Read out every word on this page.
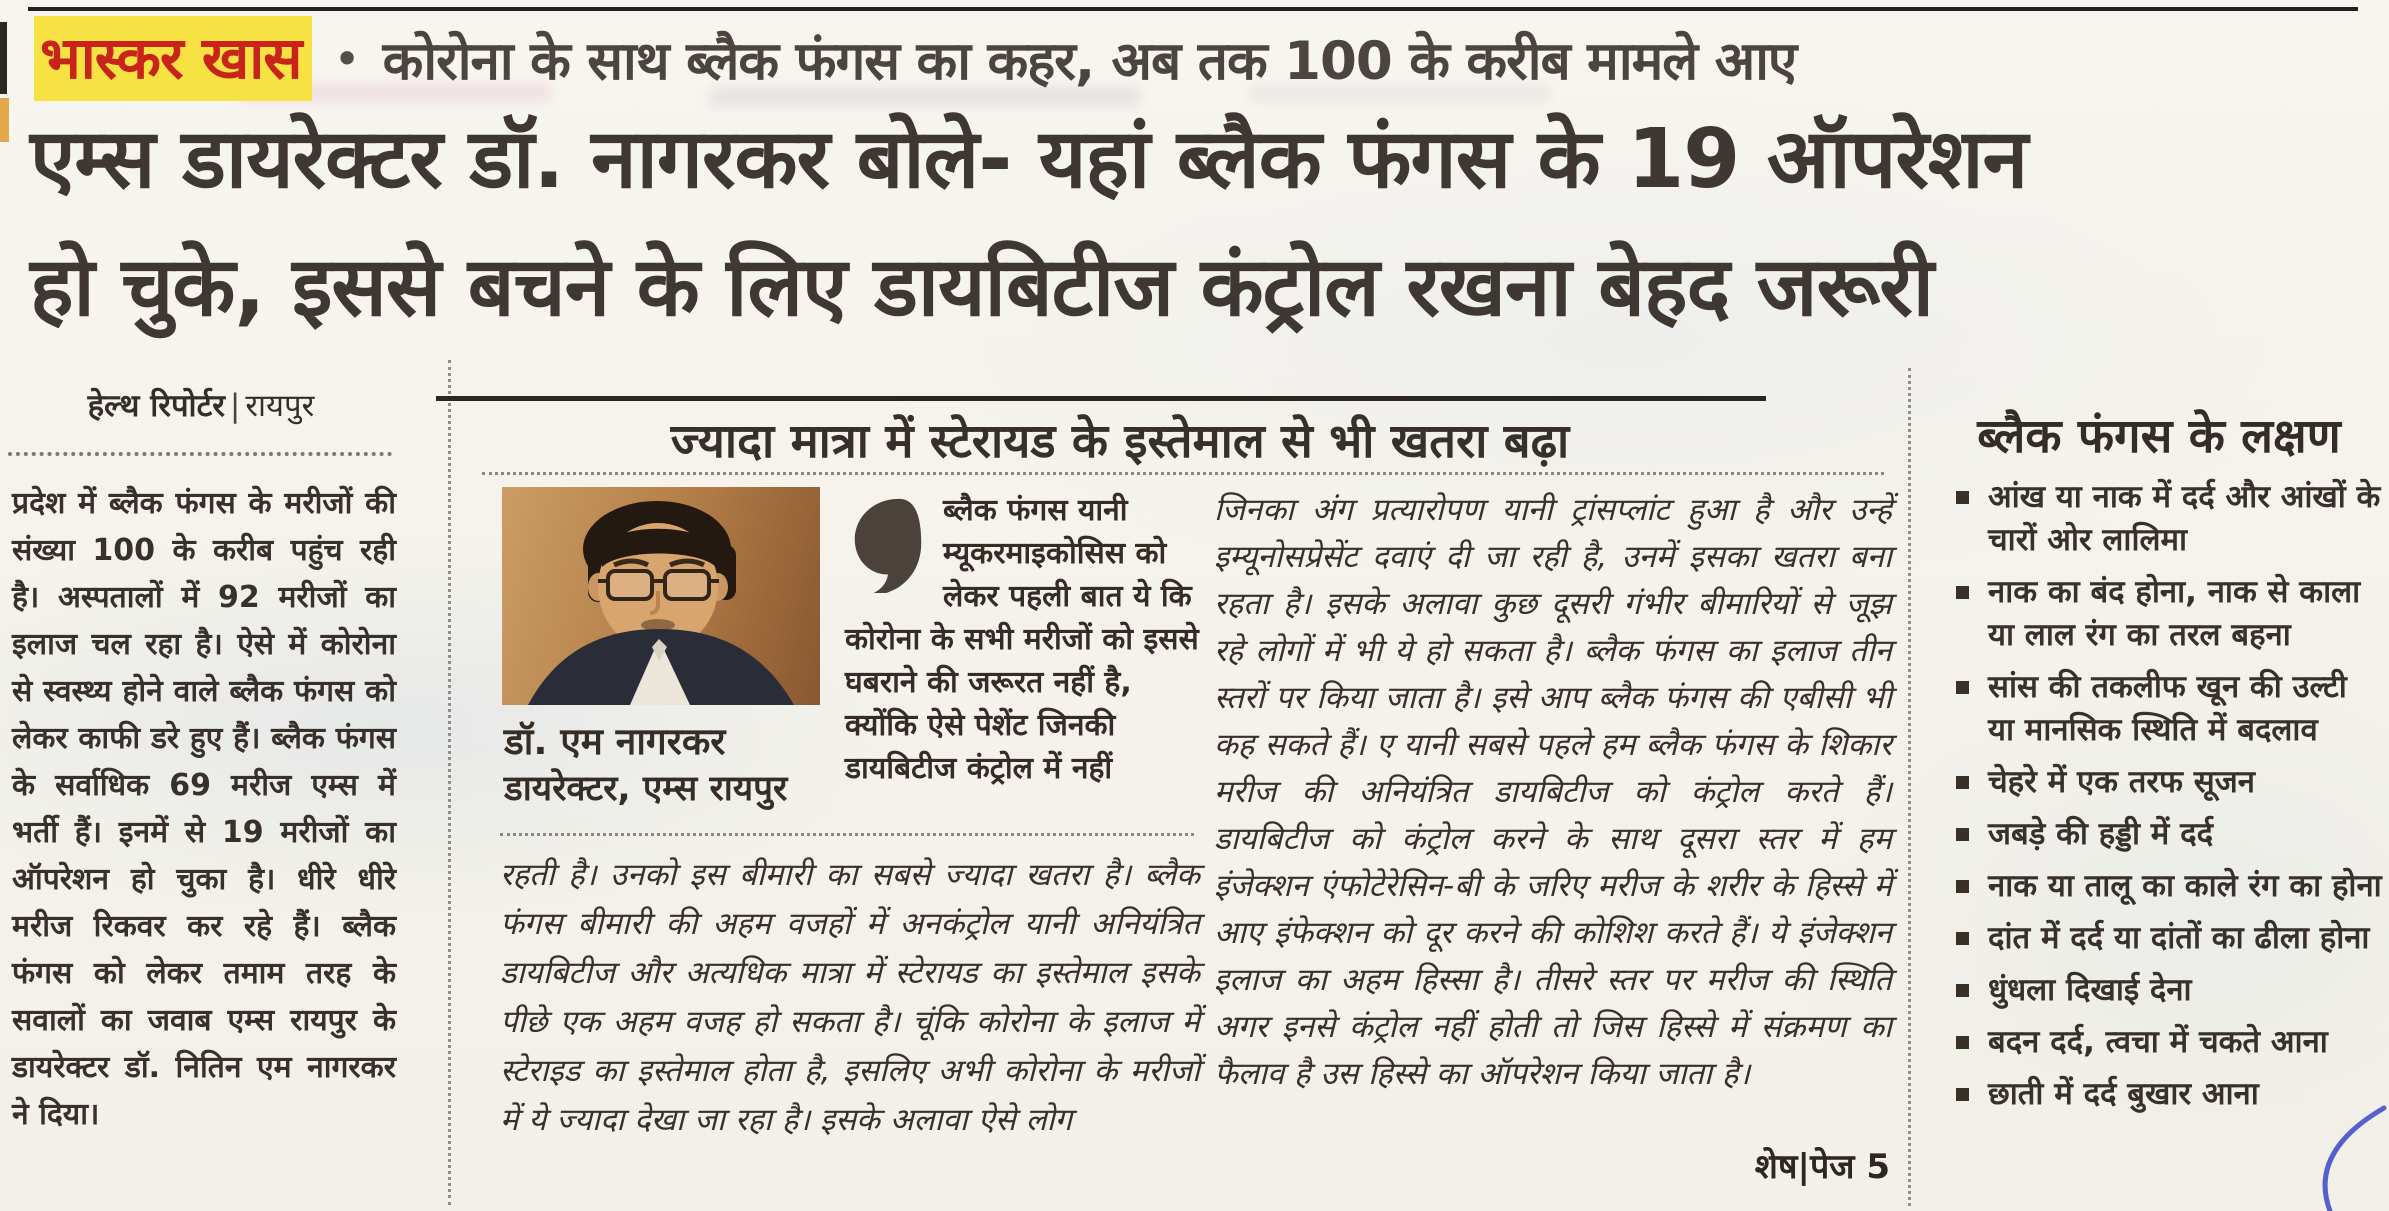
भास्कर खास • कोरोना के साथ ब्लैक फंगस का कहर, अब तक 100 के करीब मामले आए
एम्स डायरेक्टर डॉ. नागरकर बोले- यहां ब्लैक फंगस के 19 ऑपरेशन
हो चुके, इससे बचने के लिए डायबिटीज कंट्रोल रखना बेहद जरूरी
हेल्थ रिपोर्टर | रायपुर
प्रदेश में ब्लैक फंगस के मरीजों की संख्या 100 के करीब पहुंच रही है। अस्पतालों में 92 मरीजों का इलाज चल रहा है। ऐसे में कोरोना से स्वस्थ्य होने वाले ब्लैक फंगस को लेकर काफी डरे हुए हैं। ब्लैक फंगस के सर्वाधिक 69 मरीज एम्स में भर्ती हैं। इनमें से 19 मरीजों का ऑपरेशन हो चुका है। धीरे धीरे मरीज रिकवर कर रहे हैं। ब्लैक फंगस को लेकर तमाम तरह के सवालों का जवाब एम्स रायपुर के डायरेक्टर डॉ. नितिन एम नागरकर ने दिया।
ज्यादा मात्रा में स्टेरायड के इस्तेमाल से भी खतरा बढ़ा
डॉ. एम नागरकर
डायरेक्टर, एम्स रायपुर
ब्लैक फंगस यानी म्यूकरमाइकोसिस को लेकर पहली बात ये कि कोरोना के सभी मरीजों को इससे घबराने की जरूरत नहीं है, क्योंकि ऐसे पेशेंट जिनकी डायबिटीज कंट्रोल में नहीं
रहती है। उनको इस बीमारी का सबसे ज्यादा खतरा है। ब्लैक फंगस बीमारी की अहम वजहों में अनकंट्रोल यानी अनियंत्रित डायबिटीज और अत्यधिक मात्रा में स्टेरायड का इस्तेमाल इसके पीछे एक अहम वजह हो सकता है। चूंकि कोरोना के इलाज में स्टेराइड का इस्तेमाल होता है, इसलिए अभी कोरोना के मरीजों में ये ज्यादा देखा जा रहा है। इसके अलावा ऐसे लोग
जिनका अंग प्रत्यारोपण यानी ट्रांसप्लांट हुआ है और उन्हें इम्यूनोसप्रेसेंट दवाएं दी जा रही है, उनमें इसका खतरा बना रहता है। इसके अलावा कुछ दूसरी गंभीर बीमारियों से जूझ रहे लोगों में भी ये हो सकता है। ब्लैक फंगस का इलाज तीन स्तरों पर किया जाता है। इसे आप ब्लैक फंगस की एबीसी भी कह सकते हैं। ए यानी सबसे पहले हम ब्लैक फंगस के शिकार मरीज की अनियंत्रित डायबिटीज को कंट्रोल करते हैं। डायबिटीज को कंट्रोल करने के साथ दूसरा स्तर में हम इंजेक्शन एंफोटेरेसिन-बी के जरिए मरीज के शरीर के हिस्से में आए इंफेक्शन को दूर करने की कोशिश करते हैं। ये इंजेक्शन इलाज का अहम हिस्सा है। तीसरे स्तर पर मरीज की स्थिति अगर इनसे कंट्रोल नहीं होती तो जिस हिस्से में संक्रमण का फैलाव है उस हिस्से का ऑपरेशन किया जाता है।
शेष|पेज 5
ब्लैक फंगस के लक्षण
आंख या नाक में दर्द और आंखों के चारों ओर लालिमा
नाक का बंद होना, नाक से काला या लाल रंग का तरल बहना
सांस की तकलीफ खून की उल्टी या मानसिक स्थिति में बदलाव
चेहरे में एक तरफ सूजन
जबड़े की हड्डी में दर्द
नाक या तालू का काले रंग का होना
दांत में दर्द या दांतों का ढीला होना
धुंधला दिखाई देना
बदन दर्द, त्वचा में चकते आना
छाती में दर्द बुखार आना
